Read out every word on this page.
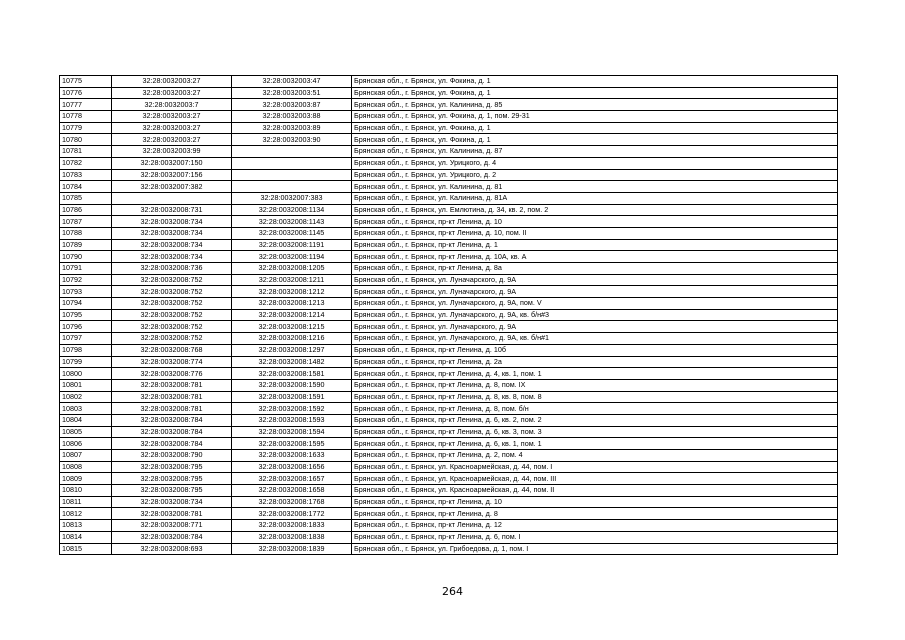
10775	32:28:0032003:27	32:28:0032003:47	Брянская обл., г. Брянск, ул. Фокина, д. 1
10776	32:28:0032003:27	32:28:0032003:51	Брянская обл., г. Брянск, ул. Фокина, д. 1
10777	32:28:0032003:7	32:28:0032003:87	Брянская обл., г. Брянск, ул. Калинина, д. 85
10778	32:28:0032003:27	32:28:0032003:88	Брянская обл., г. Брянск, ул. Фокина, д. 1, пом. 29-31
10779	32:28:0032003:27	32:28:0032003:89	Брянская обл., г. Брянск, ул. Фокина, д. 1
10780	32:28:0032003:27	32:28:0032003:90	Брянская обл., г. Брянск, ул. Фокина, д. 1
10781	32:28:0032003:99		Брянская обл., г. Брянск, ул. Калинина, д. 87
10782	32:28:0032007:150		Брянская обл., г. Брянск, ул. Урицкого, д. 4
10783	32:28:0032007:156		Брянская обл., г. Брянск, ул. Урицкого, д. 2
10784	32:28:0032007:382		Брянская обл., г. Брянск, ул. Калинина, д. 81
10785		32:28:0032007:383	Брянская обл., г. Брянск, ул. Калинина, д. 81А
10786	32:28:0032008:731	32:28:0032008:1134	Брянская обл., г. Брянск, ул. Емлютина, д. 34, кв. 2, пом. 2
10787	32:28:0032008:734	32:28:0032008:1143	Брянская обл., г. Брянск, пр-кт Ленина, д. 10
10788	32:28:0032008:734	32:28:0032008:1145	Брянская обл., г. Брянск, пр-кт Ленина, д. 10, пом. II
10789	32:28:0032008:734	32:28:0032008:1191	Брянская обл., г. Брянск, пр-кт Ленина, д. 1
10790	32:28:0032008:734	32:28:0032008:1194	Брянская обл., г. Брянск, пр-кт Ленина, д. 10А, кв. А
10791	32:28:0032008:736	32:28:0032008:1205	Брянская обл., г. Брянск, пр-кт Ленина, д. 8а
10792	32:28:0032008:752	32:28:0032008:1211	Брянская обл., г. Брянск, ул. Луначарского, д. 9А
10793	32:28:0032008:752	32:28:0032008:1212	Брянская обл., г. Брянск, ул. Луначарского, д. 9А
10794	32:28:0032008:752	32:28:0032008:1213	Брянская обл., г. Брянск, ул. Луначарского, д. 9А, пом. V
10795	32:28:0032008:752	32:28:0032008:1214	Брянская обл., г. Брянск, ул. Луначарского, д. 9А, кв. б/н#3
10796	32:28:0032008:752	32:28:0032008:1215	Брянская обл., г. Брянск, ул. Луначарского, д. 9А
10797	32:28:0032008:752	32:28:0032008:1216	Брянская обл., г. Брянск, ул. Луначарского, д. 9А, кв. б/н#1
10798	32:28:0032008:768	32:28:0032008:1297	Брянская обл., г. Брянск, пр-кт Ленина, д. 10б
10799	32:28:0032008:774	32:28:0032008:1482	Брянская обл., г. Брянск, пр-кт Ленина, д. 2а
10800	32:28:0032008:776	32:28:0032008:1581	Брянская обл., г. Брянск, пр-кт Ленина, д. 4, кв. 1, пом. 1
10801	32:28:0032008:781	32:28:0032008:1590	Брянская обл., г. Брянск, пр-кт Ленина, д. 8, пом. IX
10802	32:28:0032008:781	32:28:0032008:1591	Брянская обл., г. Брянск, пр-кт Ленина, д. 8, кв. 8, пом. 8
10803	32:28:0032008:781	32:28:0032008:1592	Брянская обл., г. Брянск, пр-кт Ленина, д. 8, пом. б/н
10804	32:28:0032008:784	32:28:0032008:1593	Брянская обл., г. Брянск, пр-кт Ленина, д. 6, кв. 2, пом. 2
10805	32:28:0032008:784	32:28:0032008:1594	Брянская обл., г. Брянск, пр-кт Ленина, д. 6, кв. 3, пом. 3
10806	32:28:0032008:784	32:28:0032008:1595	Брянская обл., г. Брянск, пр-кт Ленина, д. 6, кв. 1, пом. 1
10807	32:28:0032008:790	32:28:0032008:1633	Брянская обл., г. Брянск, пр-кт Ленина, д. 2, пом. 4
10808	32:28:0032008:795	32:28:0032008:1656	Брянская обл., г. Брянск, ул. Красноармейская, д. 44, пом. I
10809	32:28:0032008:795	32:28:0032008:1657	Брянская обл., г. Брянск, ул. Красноармейская, д. 44, пом. III
10810	32:28:0032008:795	32:28:0032008:1658	Брянская обл., г. Брянск, ул. Красноармейская, д. 44, пом. II
10811	32:28:0032008:734	32:28:0032008:1768	Брянская обл., г. Брянск, пр-кт Ленина, д. 10
10812	32:28:0032008:781	32:28:0032008:1772	Брянская обл., г. Брянск, пр-кт Ленина, д. 8
10813	32:28:0032008:771	32:28:0032008:1833	Брянская обл., г. Брянск, пр-кт Ленина, д. 12
10814	32:28:0032008:784	32:28:0032008:1838	Брянская обл., г. Брянск, пр-кт Ленина, д. 6, пом. I
10815	32:28:0032008:693	32:28:0032008:1839	Брянская обл., г. Брянск, ул. Грибоедова, д. 1, пом. I
264
